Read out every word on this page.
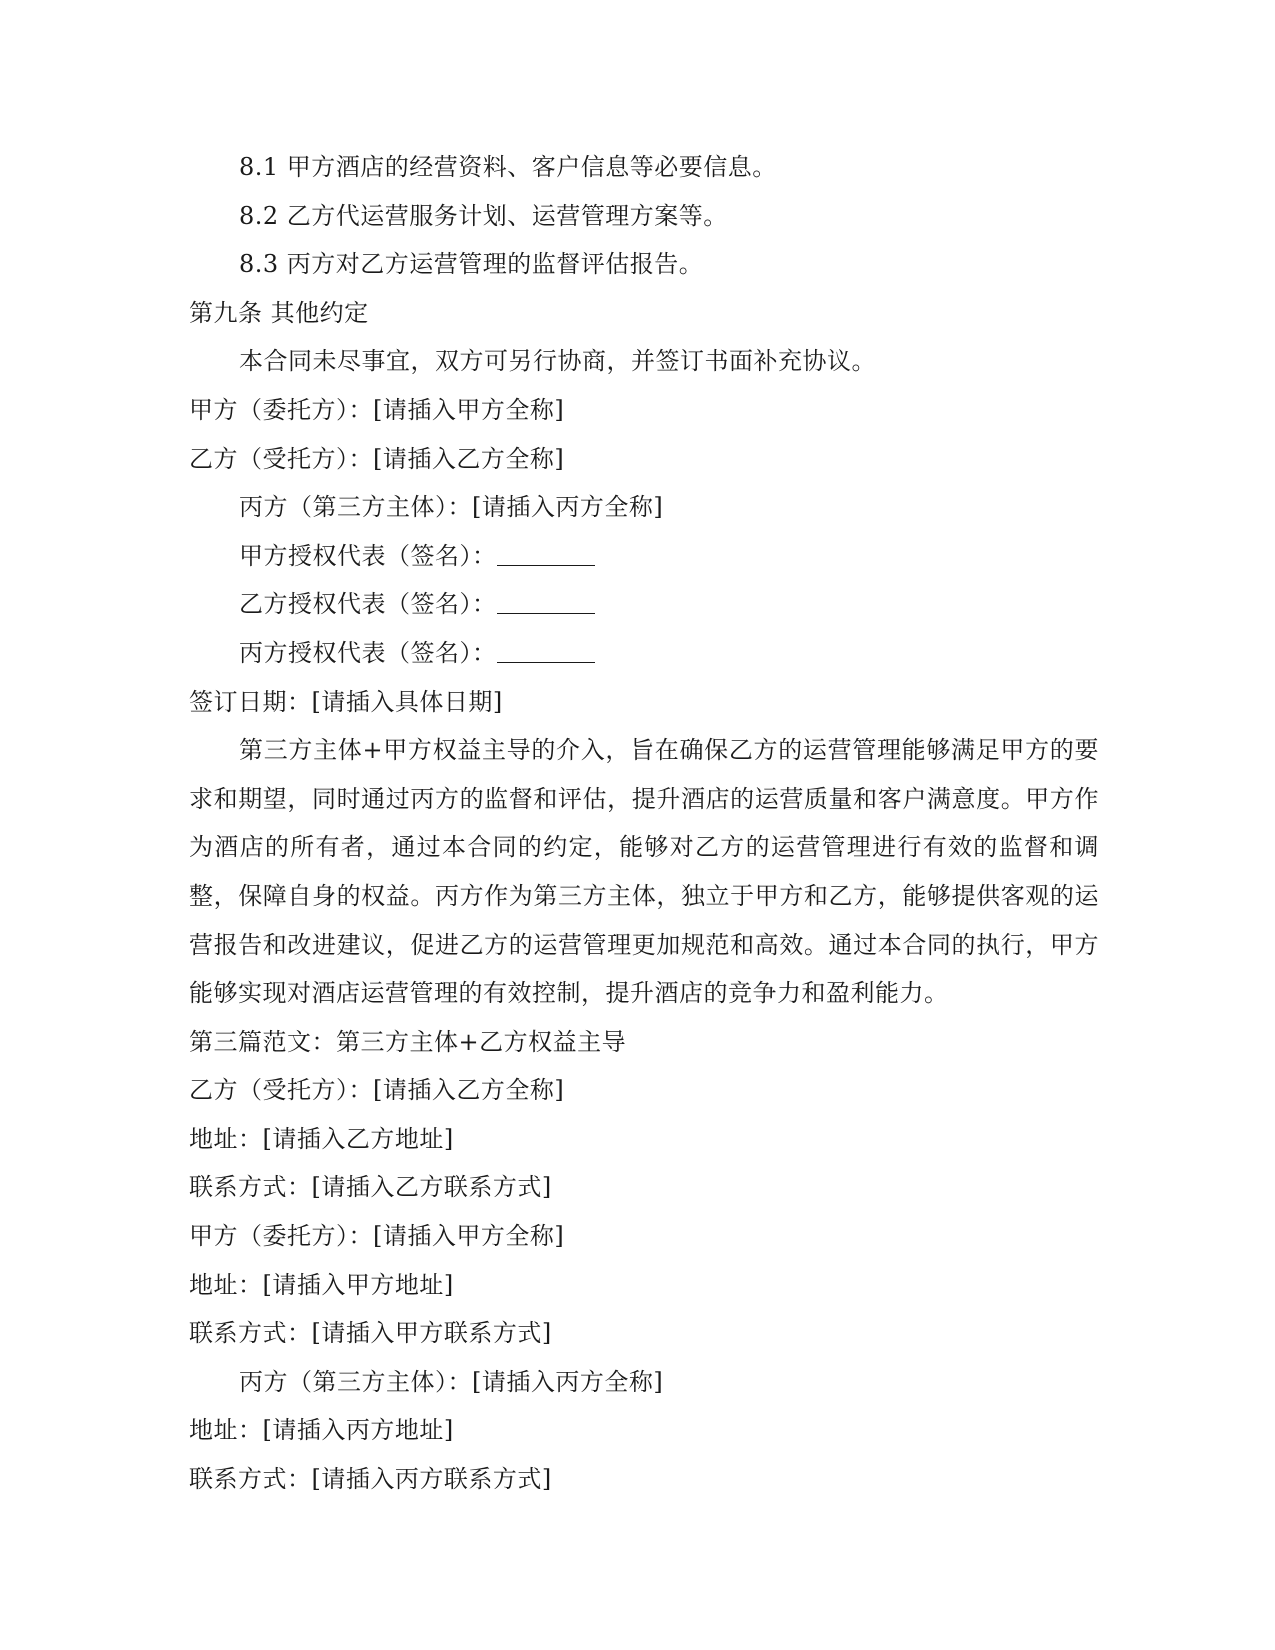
8.1 甲方酒店的经营资料、客户信息等必要信息。
8.2 乙方代运营服务计划、运营管理方案等。
8.3 丙方对乙方运营管理的监督评估报告。
第九条 其他约定
本合同未尽事宜，双方可另行协商，并签订书面补充协议。
甲方（委托方）：[请插入甲方全称]
乙方（受托方）：[请插入乙方全称]
丙方（第三方主体）：[请插入丙方全称]
甲方授权代表（签名）：
乙方授权代表（签名）：
丙方授权代表（签名）：
签订日期：[请插入具体日期]

第三方主体+甲方权益主导的介入，旨在确保乙方的运营管理能够满足甲方的要求和期望，同时通过丙方的监督和评估，提升酒店的运营质量和客户满意度。甲方作为酒店的所有者，通过本合同的约定，能够对乙方的运营管理进行有效的监督和调整，保障自身的权益。丙方作为第三方主体，独立于甲方和乙方，能够提供客观的运营报告和改进建议，促进乙方的运营管理更加规范和高效。通过本合同的执行，甲方能够实现对酒店运营管理的有效控制，提升酒店的竞争力和盈利能力。

第三篇范文：第三方主体+乙方权益主导
乙方（受托方）：[请插入乙方全称]
地址：[请插入乙方地址]
联系方式：[请插入乙方联系方式]
甲方（委托方）：[请插入甲方全称]
地址：[请插入甲方地址]
联系方式：[请插入甲方联系方式]
丙方（第三方主体）：[请插入丙方全称]
地址：[请插入丙方地址]
联系方式：[请插入丙方联系方式]
